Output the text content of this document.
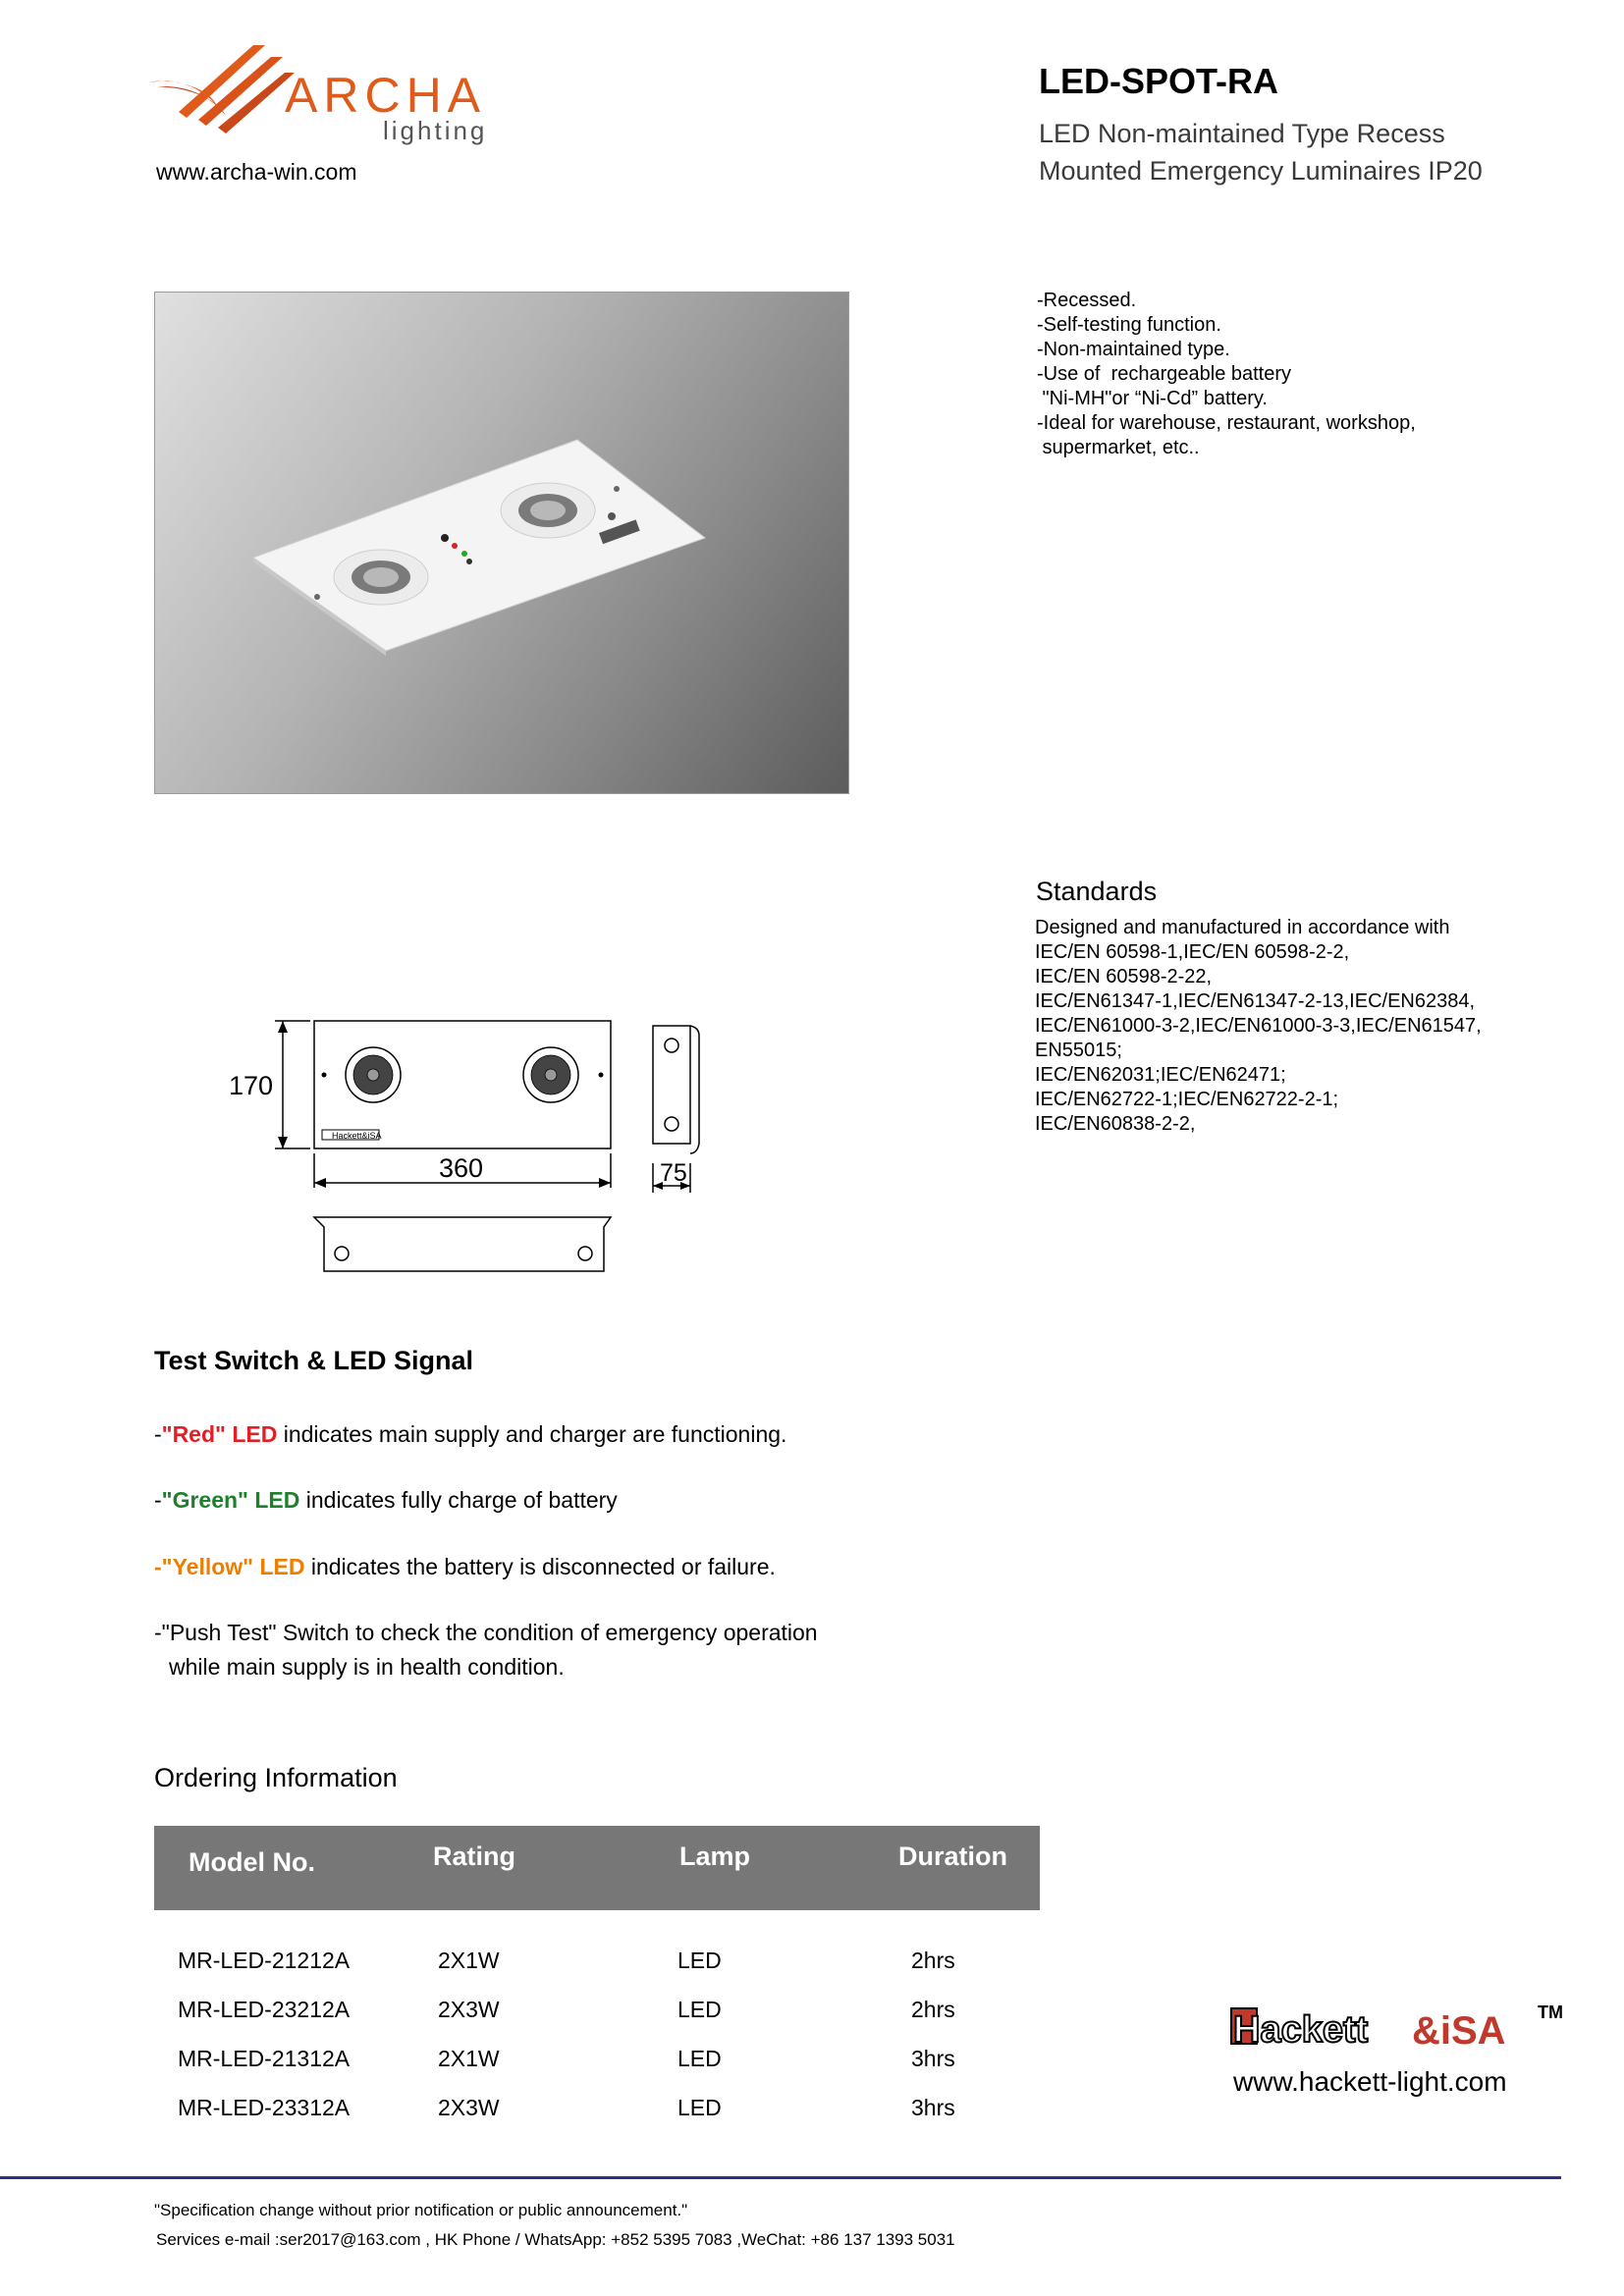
ARCHA
lighting
www.archa-win.com
LED-SPOT-RA
LED Non-maintained Type Recess
Mounted Emergency Luminaires IP20
-Recessed.
-Self-testing function.
-Non-maintained type.
-Use of  rechargeable battery
"Ni-MH"or “Ni-Cd” battery.
-Ideal for warehouse, restaurant, workshop,
supermarket, etc..
Standards
Designed and manufactured in accordance with
IEC/EN 60598-1,IEC/EN 60598-2-2,
IEC/EN 60598-2-22,
IEC/EN61347-1,IEC/EN61347-2-13,IEC/EN62384,
IEC/EN61000-3-2,IEC/EN61000-3-3,IEC/EN61547,
EN55015;
IEC/EN62031;IEC/EN62471;
IEC/EN62722-1;IEC/EN62722-2-1;
IEC/EN60838-2-2,
Hackett&iSA
170
360	75
Test Switch & LED Signal
-"Red" LED indicates main supply and charger are functioning.
-"Green" LED indicates fully charge of battery
-"Yellow" LED indicates the battery is disconnected or failure.
-"Push Test" Switch to check the condition of emergency operation
while main supply is in health condition.
Ordering Information
Model No.	Rating	Lamp	Duration
MR-LED-21212A	2X1W	LED	2hrs
MR-LED-23212A	2X3W	LED	2hrs
MR-LED-21312A	2X1W	LED	3hrs
MR-LED-23312A	2X3W	LED	3hrs
Hackett &iSA TM
www.hackett-light.com
"Specification change without prior notification or public announcement."
Services e-mail :ser2017@163.com , HK Phone / WhatsApp: +852 5395 7083 ,WeChat: +86 137 1393 5031
